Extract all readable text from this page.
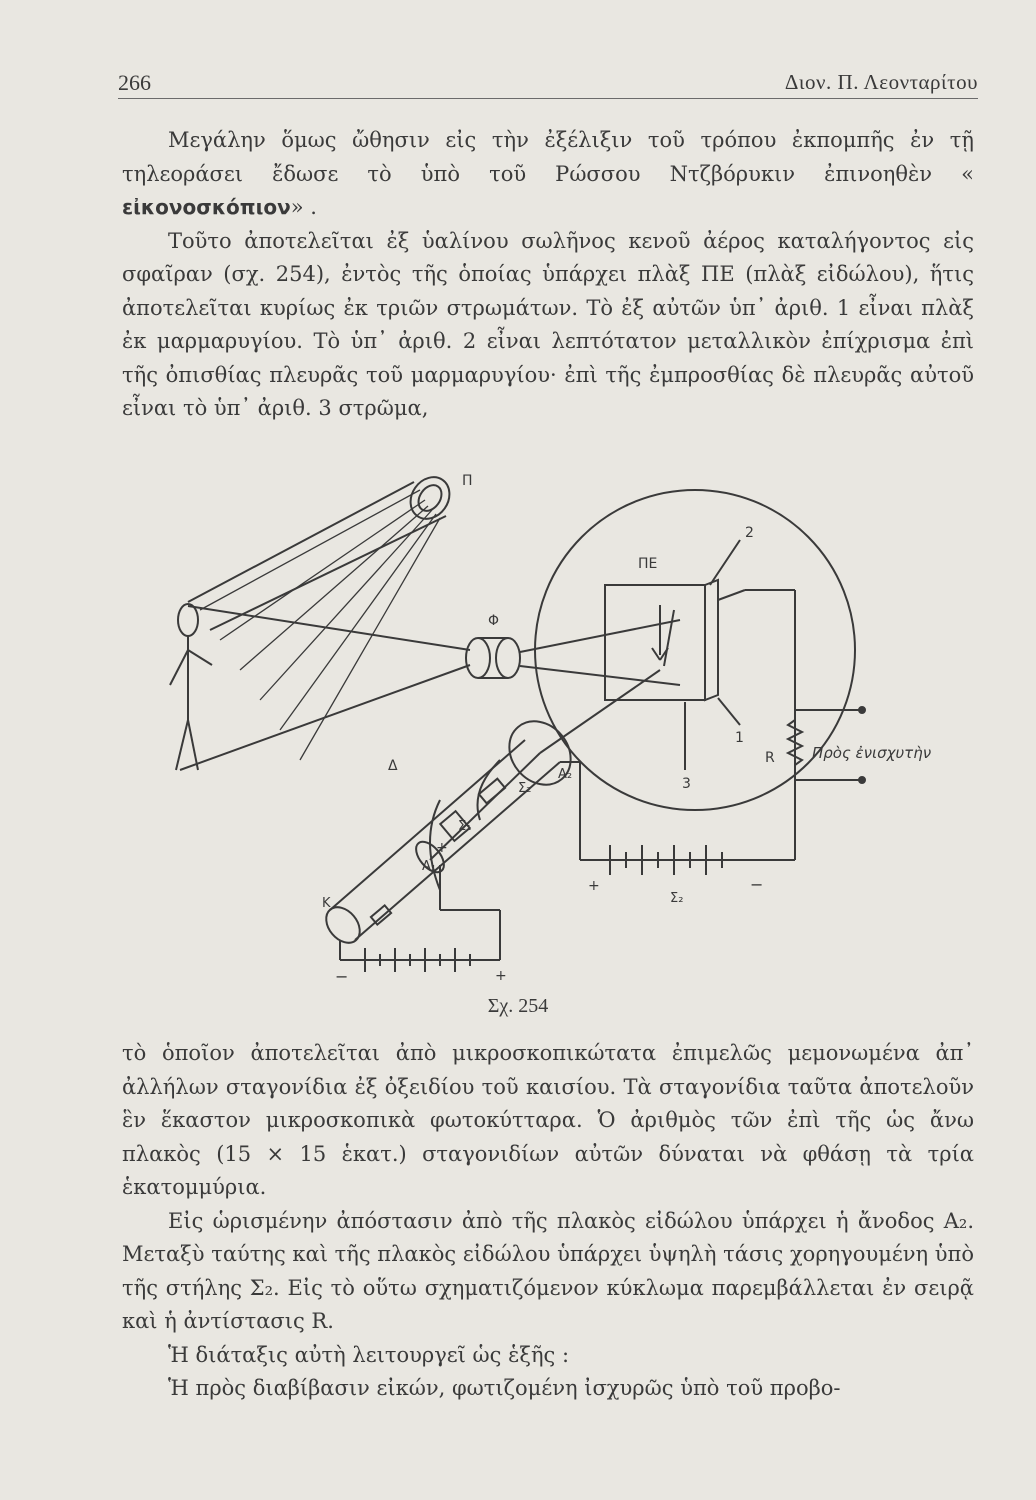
266	Διον. Π. Λεονταρίτου

Μεγάλην ὅμως ὤθησιν εἰς τὴν ἐξέλιξιν τοῦ τρόπου ἐκπομπῆς ἐν τῇ τηλεοράσει ἔδωσε τὸ ὑπὸ τοῦ Ρώσσου Ντζβόρυκιν ἐπινοηθὲν « εἰκονοσκόπιον» .

Τοῦτο ἀποτελεῖται ἐξ ὑαλίνου σωλῆνος κενοῦ ἀέρος καταλήγοντος εἰς σφαῖραν (σχ. 254), ἐντὸς τῆς ὁποίας ὑπάρχει πλὰξ ΠΕ (πλὰξ εἰδώλου), ἥτις ἀποτελεῖται κυρίως ἐκ τριῶν στρωμάτων. Τὸ ἐξ αὐτῶν ὑπ᾽ ἀριθ. 1 εἶναι πλὰξ ἐκ μαρμαρυγίου. Τὸ ὑπ᾽ ἀριθ. 2 εἶναι λεπτότατον μεταλλικὸν ἐπίχρισμα ἐπὶ τῆς ὀπισθίας πλευρᾶς τοῦ μαρμαρυγίου· ἐπὶ τῆς ἐμπροσθίας δὲ πλευρᾶς αὐτοῦ εἶναι τὸ ὑπ᾽ ἀριθ. 3 στρῶμα,

Π
Φ
ΠΕ
2
1
3
R Πρὸς ἐνισχυτὴν
Δ
A₂
A₁
Σ₂
Σ₁
Κ
+
+	−
Σ₂
−	+
Σχ. 254

τὸ ὁποῖον ἀποτελεῖται ἀπὸ μικροσκοπικώτατα ἐπιμελῶς μεμονωμένα ἀπ᾽ ἀλλήλων σταγονίδια ἐξ ὀξειδίου τοῦ καισίου. Τὰ σταγονίδια ταῦτα ἀποτελοῦν ἓν ἕκαστον μικροσκοπικὰ φωτοκύτταρα. Ὁ ἀριθμὸς τῶν ἐπὶ τῆς ὡς ἄνω πλακὸς (15 × 15 ἑκατ.) σταγονιδίων αὐτῶν δύναται νὰ φθάσῃ τὰ τρία ἑκατομμύρια.

Εἰς ὡρισμένην ἀπόστασιν ἀπὸ τῆς πλακὸς εἰδώλου ὑπάρχει ἡ ἄνοδος A₂. Μεταξὺ ταύτης καὶ τῆς πλακὸς εἰδώλου ὑπάρχει ὑψηλὴ τάσις χορηγουμένη ὑπὸ τῆς στήλης Σ₂. Εἰς τὸ οὕτω σχηματιζόμενον κύκλωμα παρεμβάλλεται ἐν σειρᾷ καὶ ἡ ἀντίστασις R.

Ἡ διάταξις αὐτὴ λειτουργεῖ ὡς ἑξῆς :

Ἡ πρὸς διαβίβασιν εἰκών, φωτιζομένη ἰσχυρῶς ὑπὸ τοῦ προβο-
